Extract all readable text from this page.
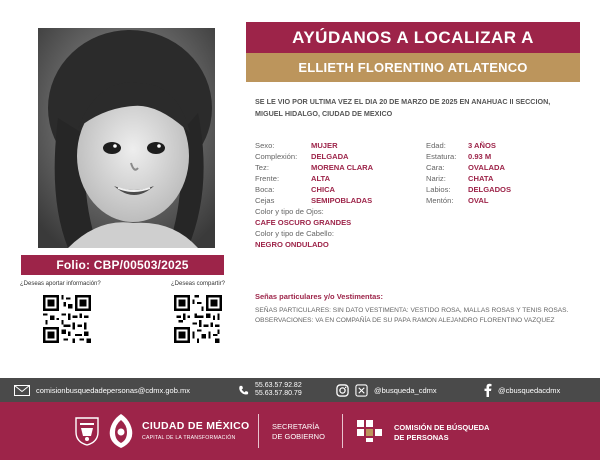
Folio: CBP/00503/2025
¿Deseas aportar información?	¿Deseas compartir?
AYÚDANOS A LOCALIZAR A
ELLIETH FLORENTINO ATLATENCO
SE LE VIO POR ULTIMA VEZ EL DIA 20 DE MARZO DE 2025 EN ANAHUAC II SECCION, MIGUEL HIDALGO, CIUDAD DE MEXICO
Sexo:	MUJER
Complexión: DELGADA
Tez:	MORENA CLARA
Frente:	ALTA
Boca:	CHICA
Cejas	SEMIPOBLADAS
Color y tipo de Ojos:
CAFE OSCURO GRANDES
Color y tipo de Cabello:
NEGRO ONDULADO
Edad:	3 AÑOS
Estatura: 0.93 M
Cara:	OVALADA
Nariz:	CHATA
Labios: DELGADOS
Mentón: OVAL
Señas particulares y/o Vestimentas:
SEÑAS PARTICULARES: SIN DATO VESTIMENTA: VESTIDO ROSA, MALLAS ROSAS Y TENIS ROSAS. OBSERVACIONES: VA EN COMPAÑÍA DE SU PAPA RAMON ALEJANDRO FLORENTINO VAZQUEZ
comisionbusquedadepersonas@cdmx.gob.mx
55.63.57.92.82
55.63.57.80.79	@busqueda_cdmx	@cbusquedacdmx
CIUDAD DE MÉXICO
CAPITAL DE LA TRANSFORMACIÓN
SECRETARÍA
DE GOBIERNO
COMISIÓN DE BÚSQUEDA
DE PERSONAS
